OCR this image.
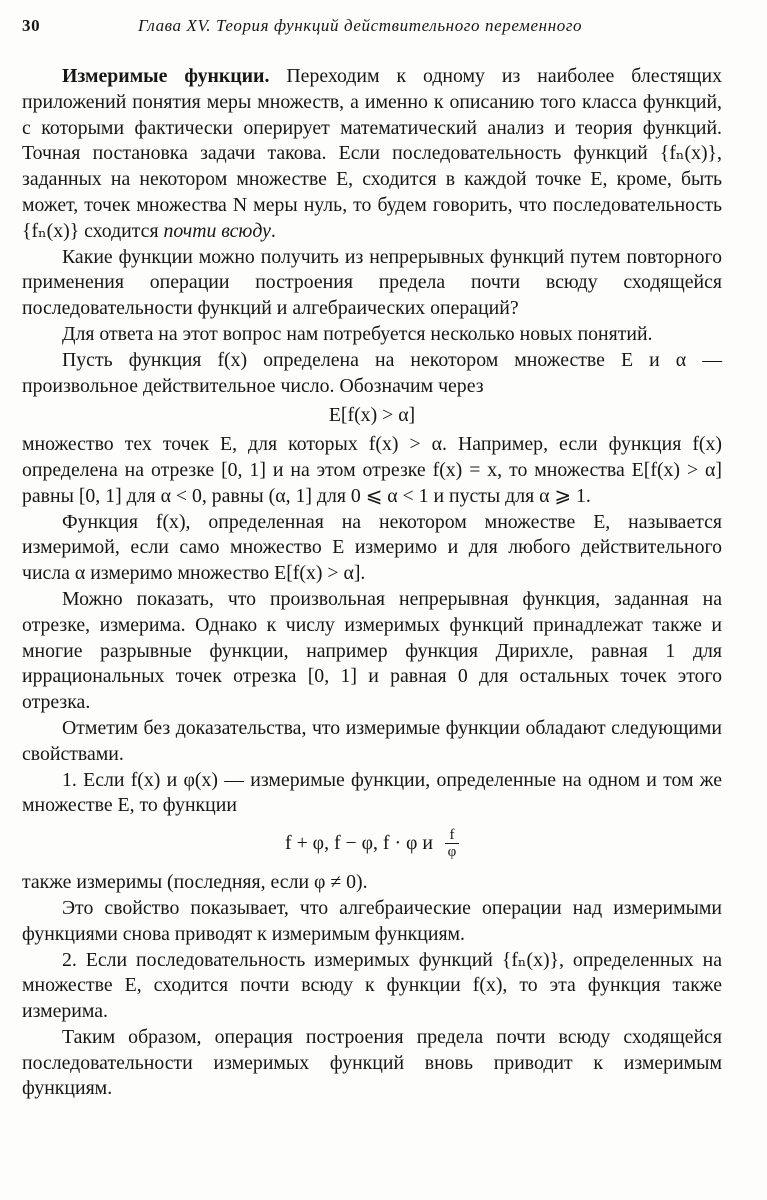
30	Глава XV. Теория функций действительного переменного

Измеримые функции. Переходим к одному из наиболее блестящих приложений понятия меры множеств, а именно к описанию того класса функций, с которыми фактически оперирует математический анализ и теория функций. Точная постановка задачи такова. Если последовательность функций {fₙ(x)}, заданных на некотором множестве E, сходится в каждой точке E, кроме, быть может, точек множества N меры нуль, то будем говорить, что последовательность {fₙ(x)} сходится почти всюду.

Какие функции можно получить из непрерывных функций путем повторного применения операции построения предела почти всюду сходящейся последовательности функций и алгебраических операций?

Для ответа на этот вопрос нам потребуется несколько новых понятий.

Пусть функция f(x) определена на некотором множестве E и α — произвольное действительное число. Обозначим через

E[f(x) > α]

множество тех точек E, для которых f(x) > α. Например, если функция f(x) определена на отрезке [0, 1] и на этом отрезке f(x) = x, то множества E[f(x) > α] равны [0, 1] для α < 0, равны (α, 1] для 0 ⩽ α < 1 и пусты для α ⩾ 1.

Функция f(x), определенная на некотором множестве E, называется измеримой, если само множество E измеримо и для любого действительного числа α измеримо множество E[f(x) > α].

Можно показать, что произвольная непрерывная функция, заданная на отрезке, измерима. Однако к числу измеримых функций принадлежат также и многие разрывные функции, например функция Дирихле, равная 1 для иррациональных точек отрезка [0, 1] и равная 0 для остальных точек этого отрезка.

Отметим без доказательства, что измеримые функции обладают следующими свойствами.

1. Если f(x) и φ(x) — измеримые функции, определенные на одном и том же множестве E, то функции

f + φ, f − φ, f · φ и $\frac{f}{\varphi}$

также измеримы (последняя, если φ ≠ 0).

Это свойство показывает, что алгебраические операции над измеримыми функциями снова приводят к измеримым функциям.

2. Если последовательность измеримых функций {fₙ(x)}, определенных на множестве E, сходится почти всюду к функции f(x), то эта функция также измерима.

Таким образом, операция построения предела почти всюду сходящейся последовательности измеримых функций вновь приводит к измеримым функциям.
